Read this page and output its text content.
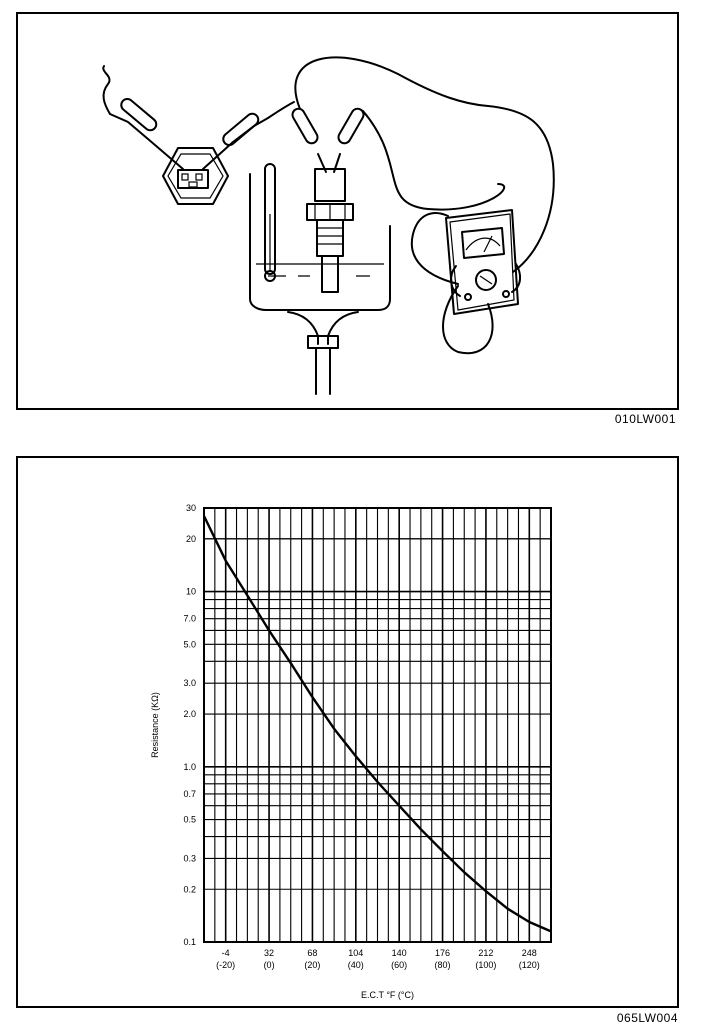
010LW001
30
20
10
7.0
5.0
3.0
2.0
1.0
0.7
0.5
0.3
0.2
0.1
-4
(-20)
32
(0)
68
(20)
104
(40)
140
(60)
176
(80)
212
(100)
248
(120)
E.C.T °F (°C)
Resistance (KΩ)
065LW004
